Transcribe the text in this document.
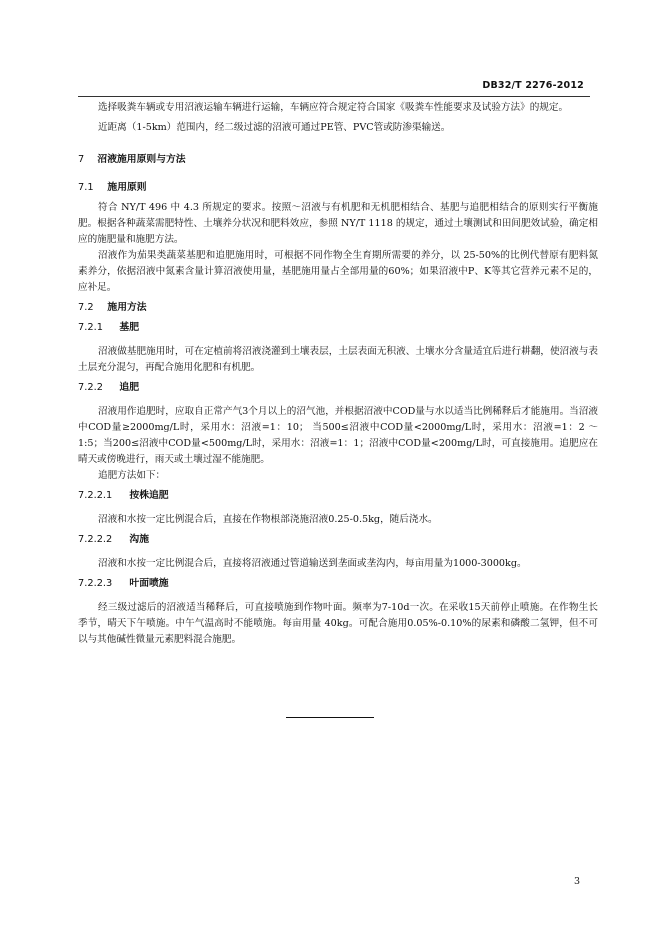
DB32/T 2276-2012

选择吸粪车辆或专用沼液运输车辆进行运输，车辆应符合规定符合国家《吸粪车性能要求及试验方法》的规定。

近距离（1-5km）范围内，经二级过滤的沼液可通过PE管、PVC管或防渗渠输送。

7 沼液施用原则与方法
7.1 施用原则

符合 NY/T 496 中 4.3 所规定的要求。按照～沼液与有机肥和无机肥相结合、基肥与追肥相结合的原则实行平衡施肥。根据各种蔬菜需肥特性、土壤养分状况和肥料效应，参照 NY/T 1118 的规定，通过土壤测试和田间肥效试验，确定相应的施肥量和施肥方法。

沼液作为茄果类蔬菜基肥和追肥施用时，可根据不同作物全生育期所需要的养分，以 25-50%的比例代替原有肥料氮素养分，依据沼液中氮素含量计算沼液使用量，基肥施用量占全部用量的60%；如果沼液中P、K等其它营养元素不足的，应补足。

7.2 施用方法
7.2.1 基肥

沼液做基肥施用时，可在定植前将沼液浇灌到土壤表层，土层表面无积液、土壤水分含量适宜后进行耕翻，使沼液与表土层充分混匀，再配合施用化肥和有机肥。

7.2.2 追肥

沼液用作追肥时，应取自正常产气3个月以上的沼气池，并根据沼液中COD量与水以适当比例稀释后才能施用。当沼液中COD量≥2000mg/L时，采用水：沼液=1：10； 当500≤沼液中COD量<2000mg/L时，采用水：沼液=1：2 ～ 1:5；当200≤沼液中COD量<500mg/L时，采用水：沼液=1：1；沼液中COD量<200mg/L时，可直接施用。追肥应在晴天或傍晚进行，雨天或土壤过湿不能施肥。

追肥方法如下：

7.2.2.1 按株追肥

沼液和水按一定比例混合后，直接在作物根部浇施沼液0.25-0.5kg，随后浇水。

7.2.2.2 沟施

沼液和水按一定比例混合后，直接将沼液通过管道输送到垄面或垄沟内，每亩用量为1000-3000kg。

7.2.2.3 叶面喷施

经三级过滤后的沼液适当稀释后，可直接喷施到作物叶面。频率为7-10d一次。在采收15天前停止喷施。在作物生长季节，晴天下午喷施。中午气温高时不能喷施。每亩用量 40kg。可配合施用0.05%-0.10%的尿素和磷酸二氢钾，但不可以与其他碱性微量元素肥料混合施肥。

3
